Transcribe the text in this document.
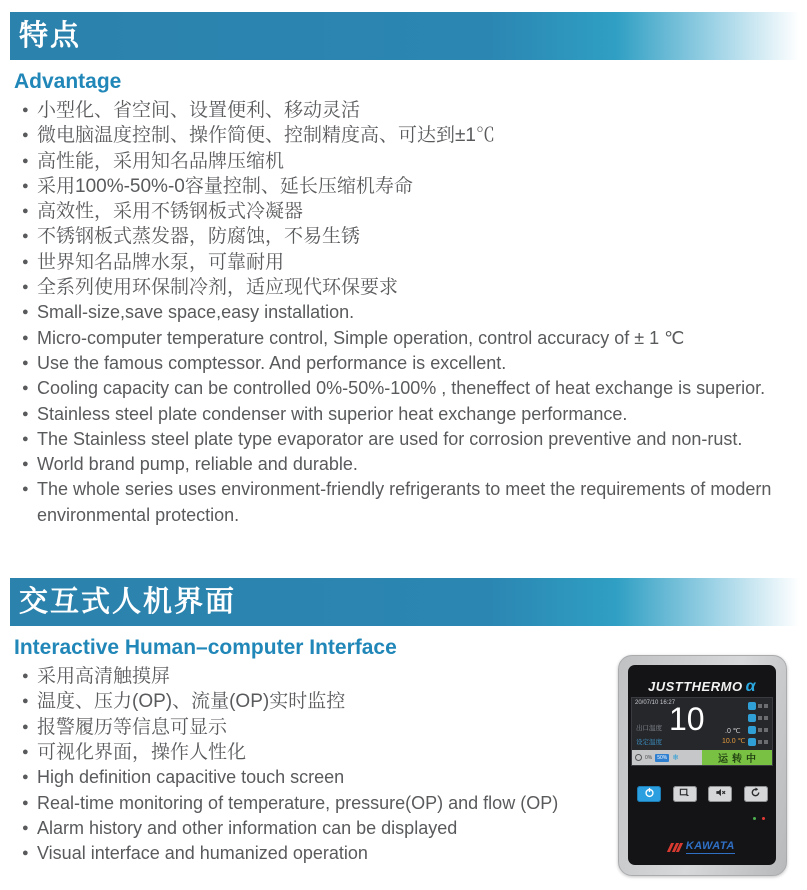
特点
Advantage
● 小型化、省空间、设置便利、移动灵活
● 微电脑温度控制、操作简便、控制精度高、可达到±1℃
● 高性能，采用知名品牌压缩机
● 采用100%-50%-0容量控制、延长压缩机寿命
● 高效性，采用不锈钢板式冷凝器
● 不锈钢板式蒸发器，防腐蚀，不易生锈
● 世界知名品牌水泵，可靠耐用
● 全系列使用环保制冷剂，适应现代环保要求
● Small-size,save space,easy installation.
● Micro-computer temperature control, Simple operation, control accuracy of ± 1 ℃
● Use the famous comptessor. And performance is excellent.
● Cooling capacity can be controlled 0%-50%-100% , theneffect of heat exchange is superior.
● Stainless steel plate condenser with superior heat exchange performance.
● The Stainless steel plate type evaporator are used for corrosion preventive and non-rust.
● World brand pump, reliable and durable.
● The whole series uses environment-friendly refrigerants to meet the requirements of modern environmental protection.
交互式人机界面
Interactive Human–computer Interface
● 采用高清触摸屏
● 温度、压力(OP)、流量(OP)实时监控
● 报警履历等信息可显示
● 可视化界面，操作人性化
● High definition capacitive touch screen
● Real-time monitoring of temperature, pressure(OP) and flow (OP)
● Alarm history and other information can be displayed
● Visual interface and humanized operation
JUSTTHERMO α
20/07/10 16:27
出口温度
设定温度
10	.0 ℃
10.0 ℃
0%	50% ❄	运转中
KAWATA
